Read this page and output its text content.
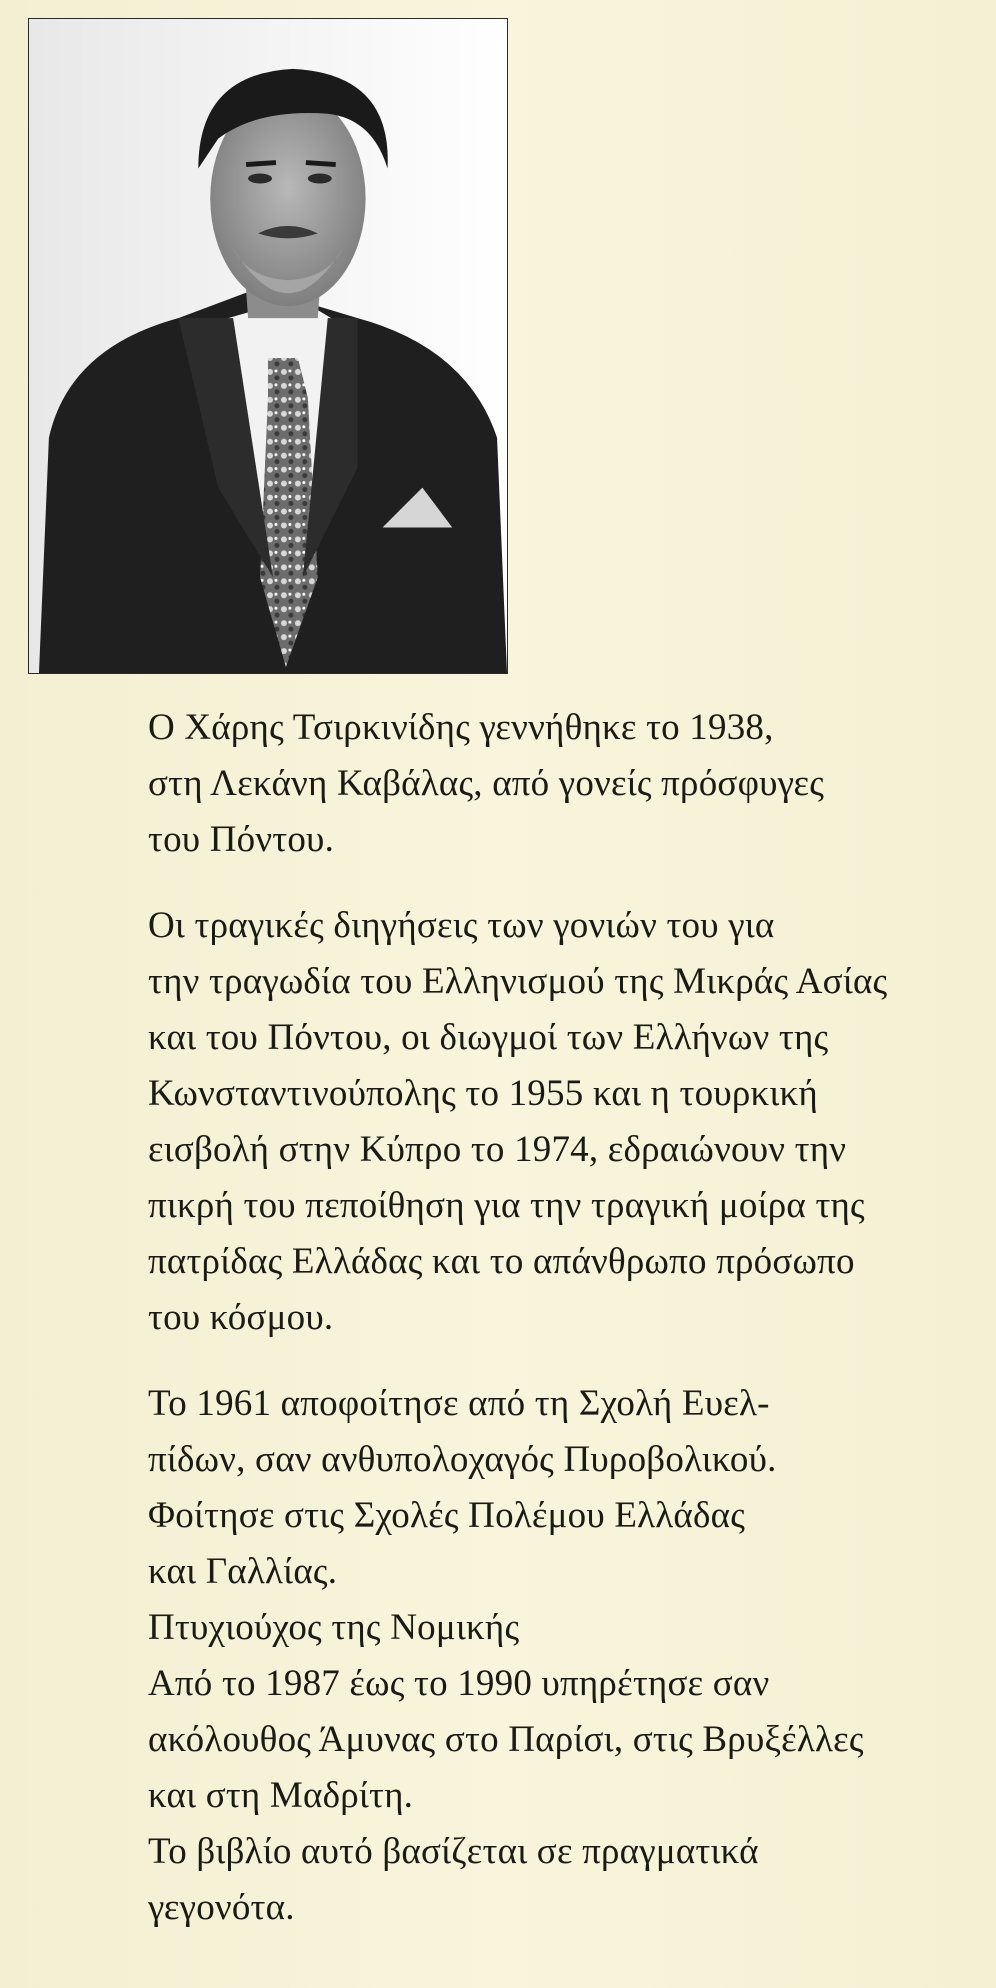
Ο Χάρης Τσιρκινίδης γεννήθηκε το 1938,
στη Λεκάνη Καβάλας, από γονείς πρόσφυγες
του Πόντου.

Οι τραγικές διηγήσεις των γονιών του για
την τραγωδία του Ελληνισμού της Μικράς Ασίας
και του Πόντου, οι διωγμοί των Ελλήνων της
Κωνσταντινούπολης το 1955 και η τουρκική
εισβολή στην Κύπρο το 1974, εδραιώνουν την
πικρή του πεποίθηση για την τραγική μοίρα της
πατρίδας Ελλάδας και το απάνθρωπο πρόσωπο
του κόσμου.

Το 1961 αποφοίτησε από τη Σχολή Ευελ-
πίδων, σαν ανθυπολοχαγός Πυροβολικού.

Φοίτησε στις Σχολές Πολέμου Ελλάδας
και Γαλλίας.

Πτυχιούχος της Νομικής

Από το 1987 έως το 1990 υπηρέτησε σαν
ακόλουθος Άμυνας στο Παρίσι, στις Βρυξέλλες
και στη Μαδρίτη.

Το βιβλίο αυτό βασίζεται σε πραγματικά
γεγονότα.
